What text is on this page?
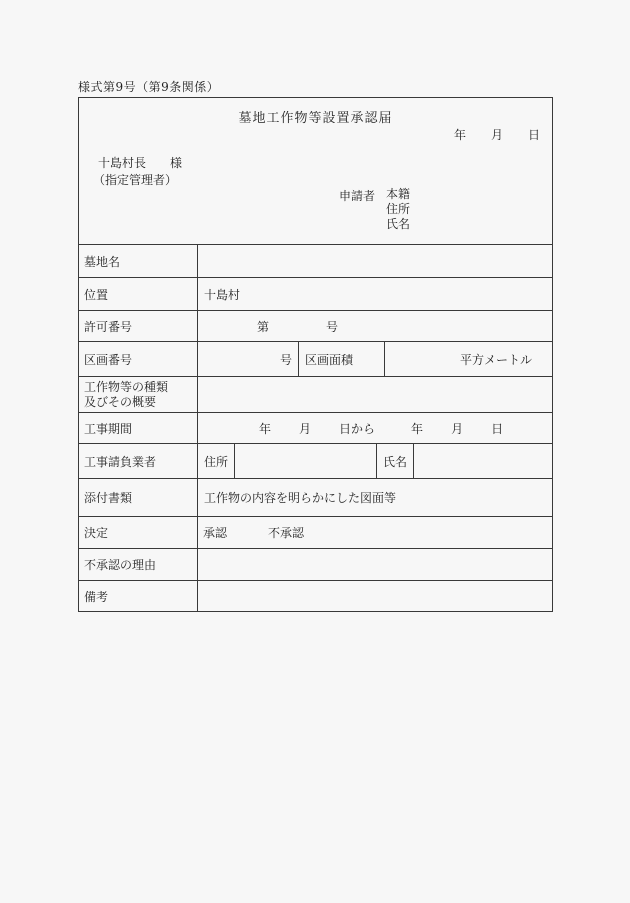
様式第9号（第9条関係）
墓地工作物等設置承認届
年 月 日
十島村長　　様
（指定管理者）
申請者 本籍
住所
氏名
墓地名
位置	十島村
許可番号	第	号
区画番号	号	区画面積	平方メートル
工作物等の種類
及びその概要
工事期間	年 月 日から	年 月 日
工事請負業者	住所	氏名
添付書類	工作物の内容を明らかにした図面等
決定	承認	不承認
不承認の理由
備考
